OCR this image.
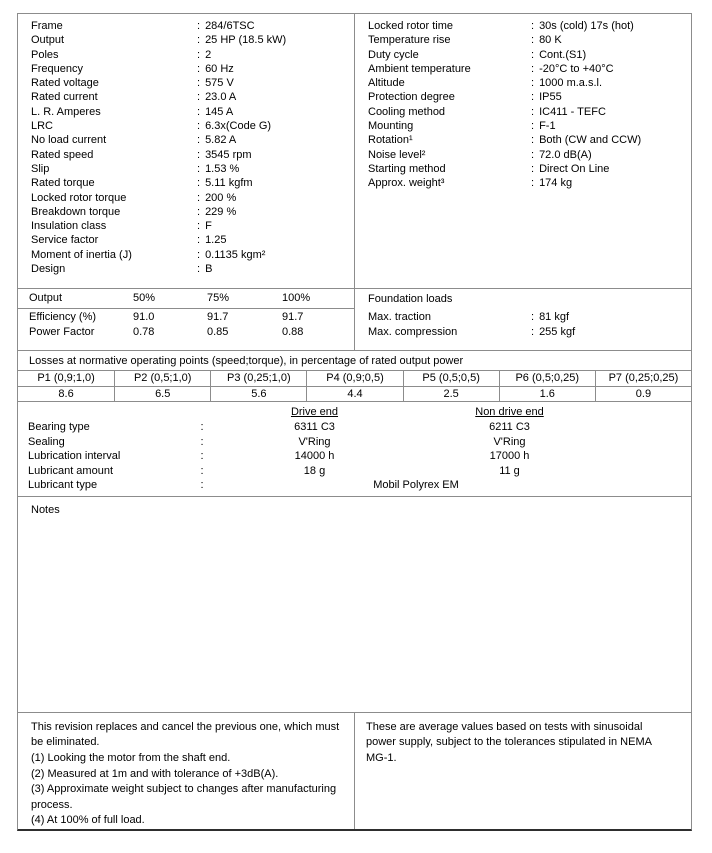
Frame	: 284/6TSC
Output	: 25 HP (18.5 kW)
Poles	: 2
Frequency	: 60 Hz
Rated voltage	: 575 V
Rated current	: 23.0 A
L. R. Amperes	: 145 A
LRC	: 6.3x(Code G)
No load current	: 5.82 A
Rated speed	: 3545 rpm
Slip	: 1.53 %
Rated torque	: 5.11 kgfm
Locked rotor torque	: 200 %
Breakdown torque	: 229 %
Insulation class	: F
Service factor	: 1.25
Moment of inertia (J)	: 0.1135 kgm²
Design	: B
Locked rotor time	: 30s (cold) 17s (hot)
Temperature rise	: 80 K
Duty cycle	: Cont.(S1)
Ambient temperature	: -20°C to +40°C
Altitude	: 1000 m.a.s.l.
Protection degree	: IP55
Cooling method	: IC411 - TEFC
Mounting	: F-1
Rotation¹	: Both (CW and CCW)
Noise level²	: 72.0 dB(A)
Starting method	: Direct On Line
Approx. weight³	: 174 kg
Output	50%	75%	100%
Efficiency (%)	91.0	91.7	91.7
Power Factor	0.78	0.85	0.88
Foundation loads
Max. traction	: 81 kgf
Max. compression	: 255 kgf
Losses at normative operating points (speed;torque), in percentage of rated output power
P1 (0,9;1,0)	P2 (0,5;1,0)	P3 (0,25;1,0)	P4 (0,9;0,5)	P5 (0,5;0,5)	P6 (0,5;0,25)	P7 (0,25;0,25)
8.6	6.5	5.6	4.4	2.5	1.6	0.9
Drive end	Non drive end
Bearing type	:	6311 C3	6211 C3
Sealing	:	V'Ring	V'Ring
Lubrication interval	:	14000 h	17000 h
Lubricant amount	:	18 g	11 g
Lubricant type	:	Mobil Polyrex EM
Notes

This revision replaces and cancel the previous one, which must be eliminated.

(1) Looking the motor from the shaft end.

(2) Measured at 1m and with tolerance of +3dB(A).

(3) Approximate weight subject to changes after manufacturing process.

(4) At 100% of full load.

These are average values based on tests with sinusoidal power supply, subject to the tolerances stipulated in NEMA MG-1.
